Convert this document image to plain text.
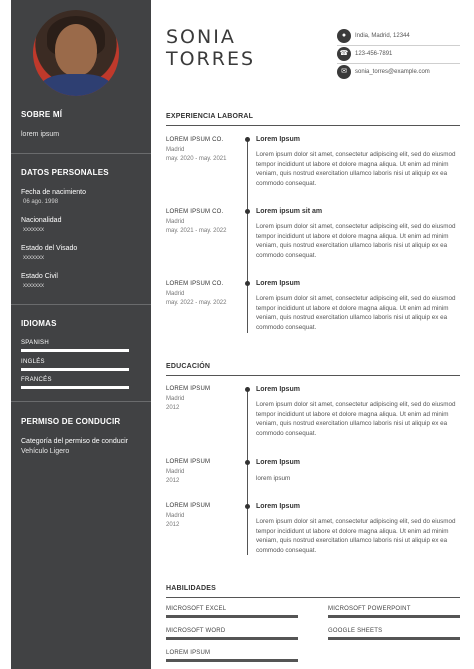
SOBRE MÍ
lorem ipsum
DATOS PERSONALES
Fecha de nacimiento
06 ago. 1998
Nacionalidad
xxxxxxx
Estado del Visado
xxxxxxx
Estado Civil
xxxxxxx
IDIOMAS
SPANISH
INGLÉS
FRANCÉS
PERMISO DE CONDUCIR
Categoría del permiso de conducir
Vehículo Ligero
SONIA
TORRES
●	India, Madrid, 12344
☎	123-456-7891
✉	sonia_torres@example.com
EXPERIENCIA LABORAL
LOREM IPSUM CO.
Madrid
may. 2020 - may. 2021
Lorem Ipsum
Lorem ipsum dolor sit amet, consectetur adipiscing elit, sed do eiusmod tempor incididunt ut labore et dolore magna aliqua. Ut enim ad minim veniam, quis nostrud exercitation ullamco laboris nisi ut aliquip ex ea commodo consequat.
LOREM IPSUM CO.
Madrid
may. 2021 - may. 2022
Lorem ipsum sit am
Lorem ipsum dolor sit amet, consectetur adipiscing elit, sed do eiusmod tempor incididunt ut labore et dolore magna aliqua. Ut enim ad minim veniam, quis nostrud exercitation ullamco laboris nisi ut aliquip ex ea commodo consequat.
LOREM IPSUM CO.
Madrid
may. 2022 - may. 2022
Lorem Ipsum
Lorem ipsum dolor sit amet, consectetur adipiscing elit, sed do eiusmod tempor incididunt ut labore et dolore magna aliqua. Ut enim ad minim veniam, quis nostrud exercitation ullamco laboris nisi ut aliquip ex ea commodo consequat.
EDUCACIÓN
LOREM IPSUM
Madrid
2012
Lorem Ipsum
Lorem ipsum dolor sit amet, consectetur adipiscing elit, sed do eiusmod tempor incididunt ut labore et dolore magna aliqua. Ut enim ad minim veniam, quis nostrud exercitation ullamco laboris nisi ut aliquip ex ea commodo consequat.
LOREM IPSUM
Madrid
2012
Lorem Ipsum
lorem ipsum
LOREM IPSUM
Madrid
2012
Lorem Ipsum
Lorem ipsum dolor sit amet, consectetur adipiscing elit, sed do eiusmod tempor incididunt ut labore et dolore magna aliqua. Ut enim ad minim veniam, quis nostrud exercitation ullamco laboris nisi ut aliquip ex ea commodo consequat.
HABILIDADES
MICROSOFT EXCEL	MICROSOFT POWERPOINT
MICROSOFT WORD	GOOGLE SHEETS
LOREM IPSUM
